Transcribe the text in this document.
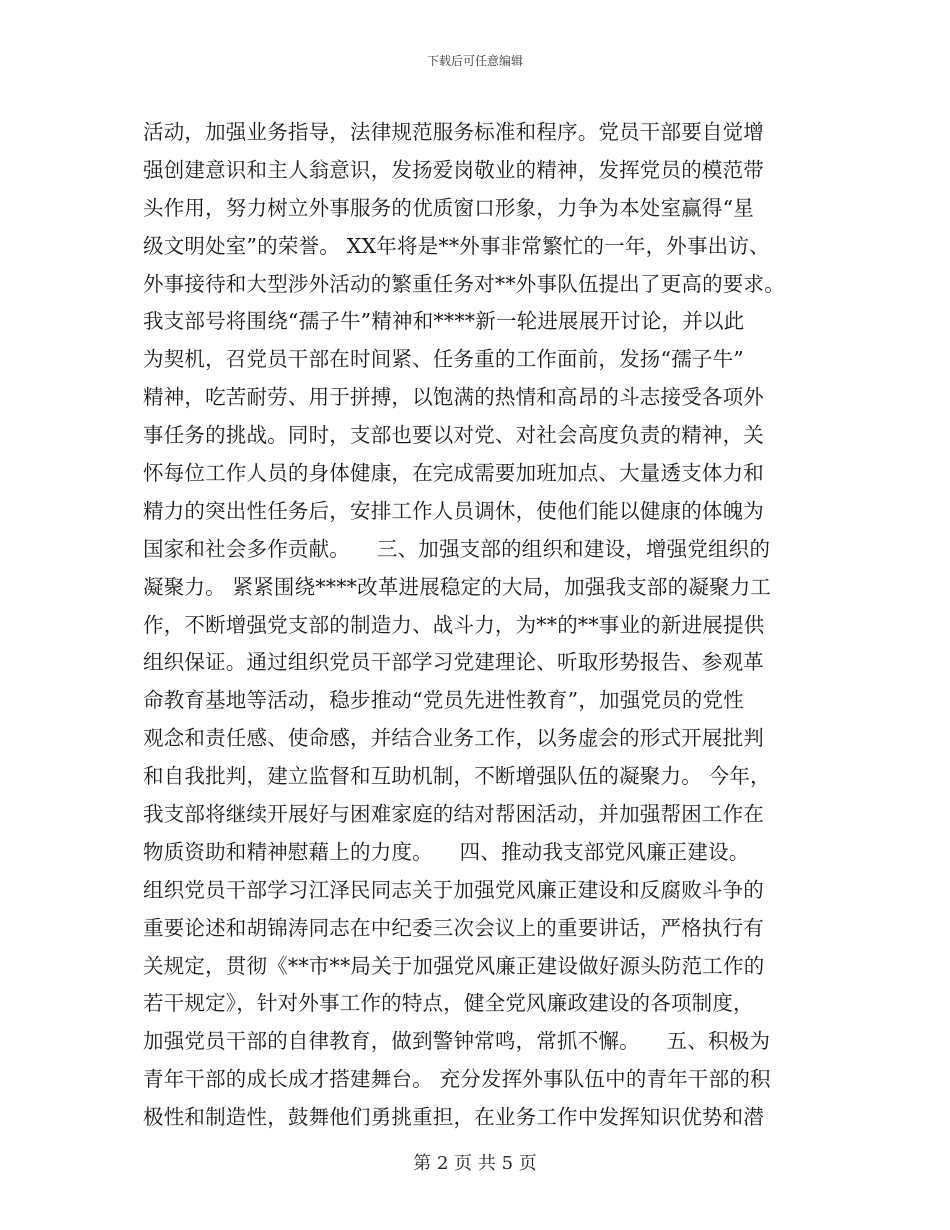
下载后可任意编辑
活动，加强业务指导，法律规范服务标准和程序。党员干部要自觉增
强创建意识和主人翁意识，发扬爱岗敬业的精神，发挥党员的模范带
头作用，努力树立外事服务的优质窗口形象，力争为本处室赢得“星
级文明处室”的荣誉。 XX年将是**外事非常繁忙的一年，外事出访、
外事接待和大型涉外活动的繁重任务对**外事队伍提出了更高的要求。
我支部号将围绕“孺子牛”精神和****新一轮进展展开讨论，并以此
为契机，召党员干部在时间紧、任务重的工作面前，发扬“孺子牛”
精神，吃苦耐劳、用于拼搏，以饱满的热情和高昂的斗志接受各项外
事任务的挑战。同时，支部也要以对党、对社会高度负责的精神，关
怀每位工作人员的身体健康，在完成需要加班加点、大量透支体力和
精力的突出性任务后，安排工作人员调休，使他们能以健康的体魄为
国家和社会多作贡献。    三、加强支部的组织和建设，增强党组织的
凝聚力。 紧紧围绕****改革进展稳定的大局，加强我支部的凝聚力工
作，不断增强党支部的制造力、战斗力，为**的**事业的新进展提供
组织保证。通过组织党员干部学习党建理论、听取形势报告、参观革
命教育基地等活动，稳步推动“党员先进性教育”，加强党员的党性
观念和责任感、使命感，并结合业务工作，以务虚会的形式开展批判
和自我批判，建立监督和互助机制，不断增强队伍的凝聚力。 今年，
我支部将继续开展好与困难家庭的结对帮困活动，并加强帮困工作在
物质资助和精神慰藉上的力度。    四、推动我支部党风廉正建设。
组织党员干部学习江泽民同志关于加强党风廉正建设和反腐败斗争的
重要论述和胡锦涛同志在中纪委三次会议上的重要讲话，严格执行有
关规定，贯彻《**市**局关于加强党风廉正建设做好源头防范工作的
若干规定》，针对外事工作的特点，健全党风廉政建设的各项制度，
加强党员干部的自律教育，做到警钟常鸣，常抓不懈。    五、积极为
青年干部的成长成才搭建舞台。 充分发挥外事队伍中的青年干部的积
极性和制造性，鼓舞他们勇挑重担，在业务工作中发挥知识优势和潜
第 2 页 共 5 页
